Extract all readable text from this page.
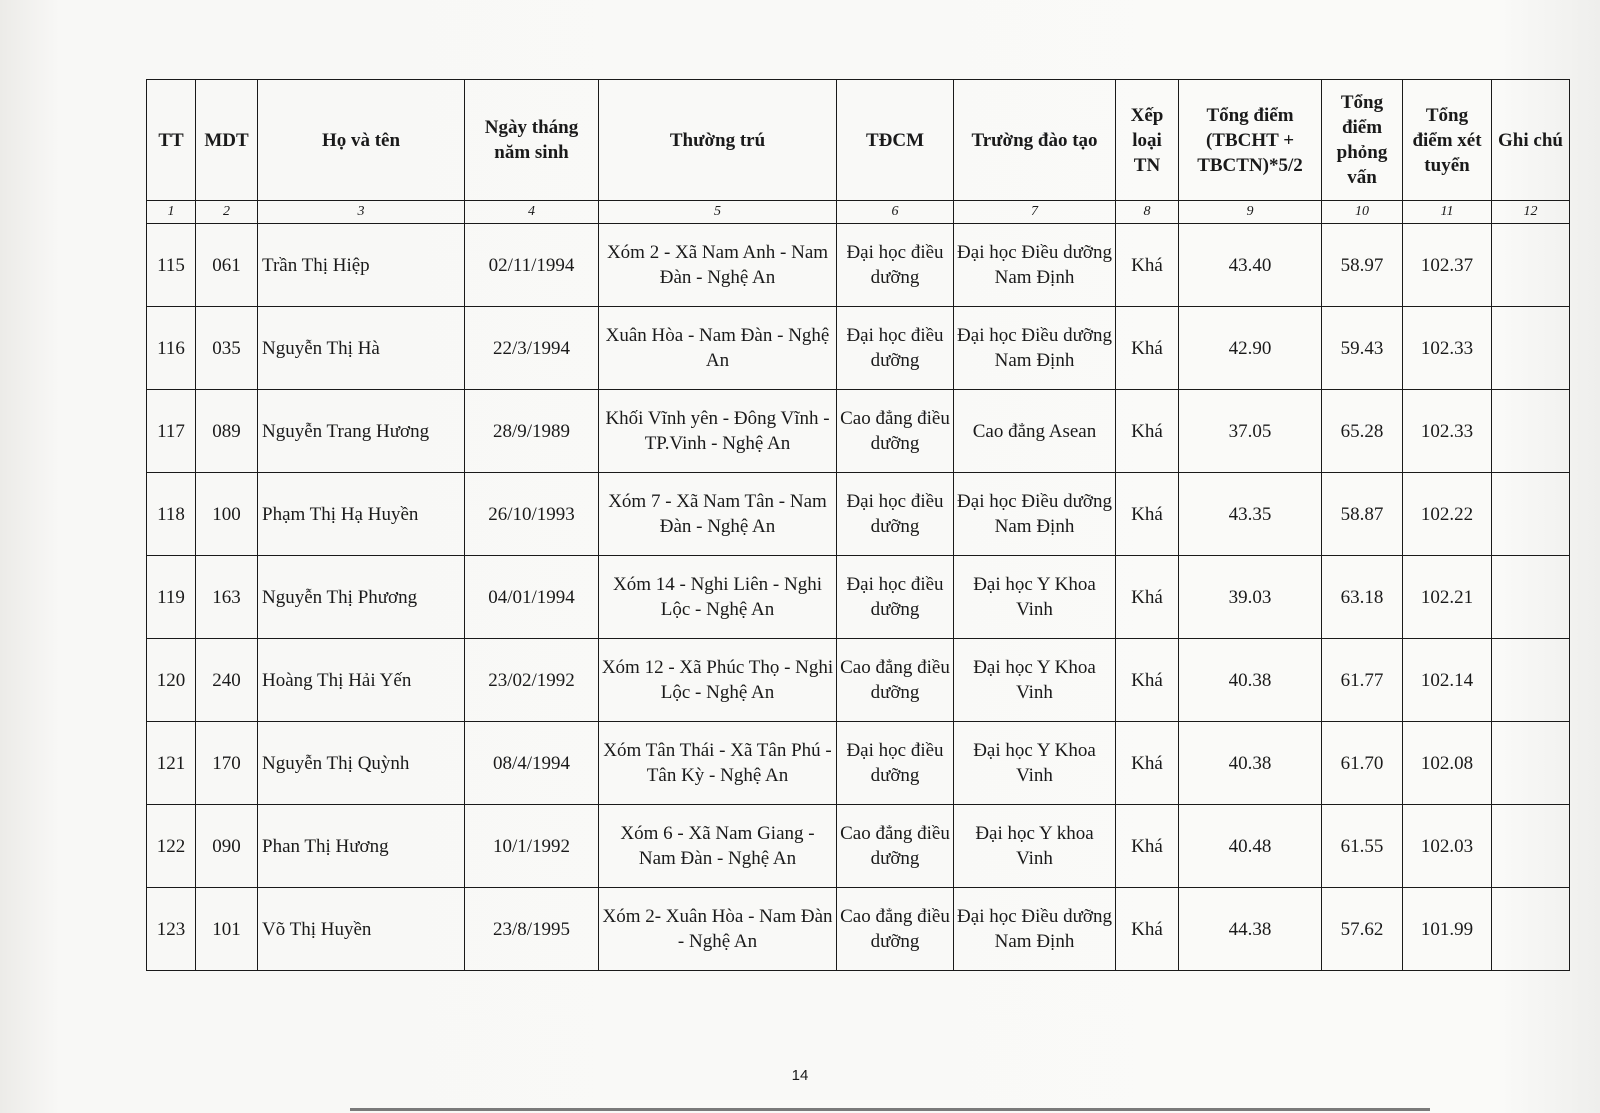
TT	MDT	Họ và tên	Ngày tháng năm sinh	Thường trú	TĐCM	Trường đào tạo	Xếp loại TN	Tổng điểm (TBCHT + TBCTN)*5/2	Tổng điểm phỏng vấn	Tổng điểm xét tuyển	Ghi chú
1	2	3	4	5	6	7	8	9	10	11	12
115	061	Trần Thị Hiệp	02/11/1994	Xóm 2 - Xã Nam Anh - Nam Đàn - Nghệ An	Đại học điều dưỡng	Đại học Điều dưỡng Nam Định	Khá	43.40	58.97	102.37	
116	035	Nguyễn Thị Hà	22/3/1994	Xuân Hòa - Nam Đàn - Nghệ An	Đại học điều dưỡng	Đại học Điều dưỡng Nam Định	Khá	42.90	59.43	102.33	
117	089	Nguyễn Trang Hương	28/9/1989	Khối Vĩnh yên - Đông Vĩnh - TP.Vinh - Nghệ An	Cao đẳng điều dưỡng	Cao đẳng Asean	Khá	37.05	65.28	102.33	
118	100	Phạm Thị Hạ Huyền	26/10/1993	Xóm 7 - Xã Nam Tân - Nam Đàn - Nghệ An	Đại học điều dưỡng	Đại học Điều dưỡng Nam Định	Khá	43.35	58.87	102.22	
119	163	Nguyễn Thị Phương	04/01/1994	Xóm 14 - Nghi Liên - Nghi Lộc - Nghệ An	Đại học điều dưỡng	Đại học Y Khoa Vinh	Khá	39.03	63.18	102.21	
120	240	Hoàng Thị Hải Yến	23/02/1992	Xóm 12 - Xã Phúc Thọ - Nghi Lộc - Nghệ An	Cao đẳng điều dưỡng	Đại học Y Khoa Vinh	Khá	40.38	61.77	102.14	
121	170	Nguyễn Thị Quỳnh	08/4/1994	Xóm Tân Thái - Xã Tân Phú - Tân Kỳ - Nghệ An	Đại học điều dưỡng	Đại học Y Khoa Vinh	Khá	40.38	61.70	102.08	
122	090	Phan Thị Hương	10/1/1992	Xóm 6 - Xã Nam Giang - Nam Đàn - Nghệ An	Cao đẳng điều dưỡng	Đại học Y khoa Vinh	Khá	40.48	61.55	102.03	
123	101	Võ Thị Huyền	23/8/1995	Xóm 2- Xuân Hòa - Nam Đàn - Nghệ An	Cao đẳng điều dưỡng	Đại học Điều dưỡng Nam Định	Khá	44.38	57.62	101.99	
14
